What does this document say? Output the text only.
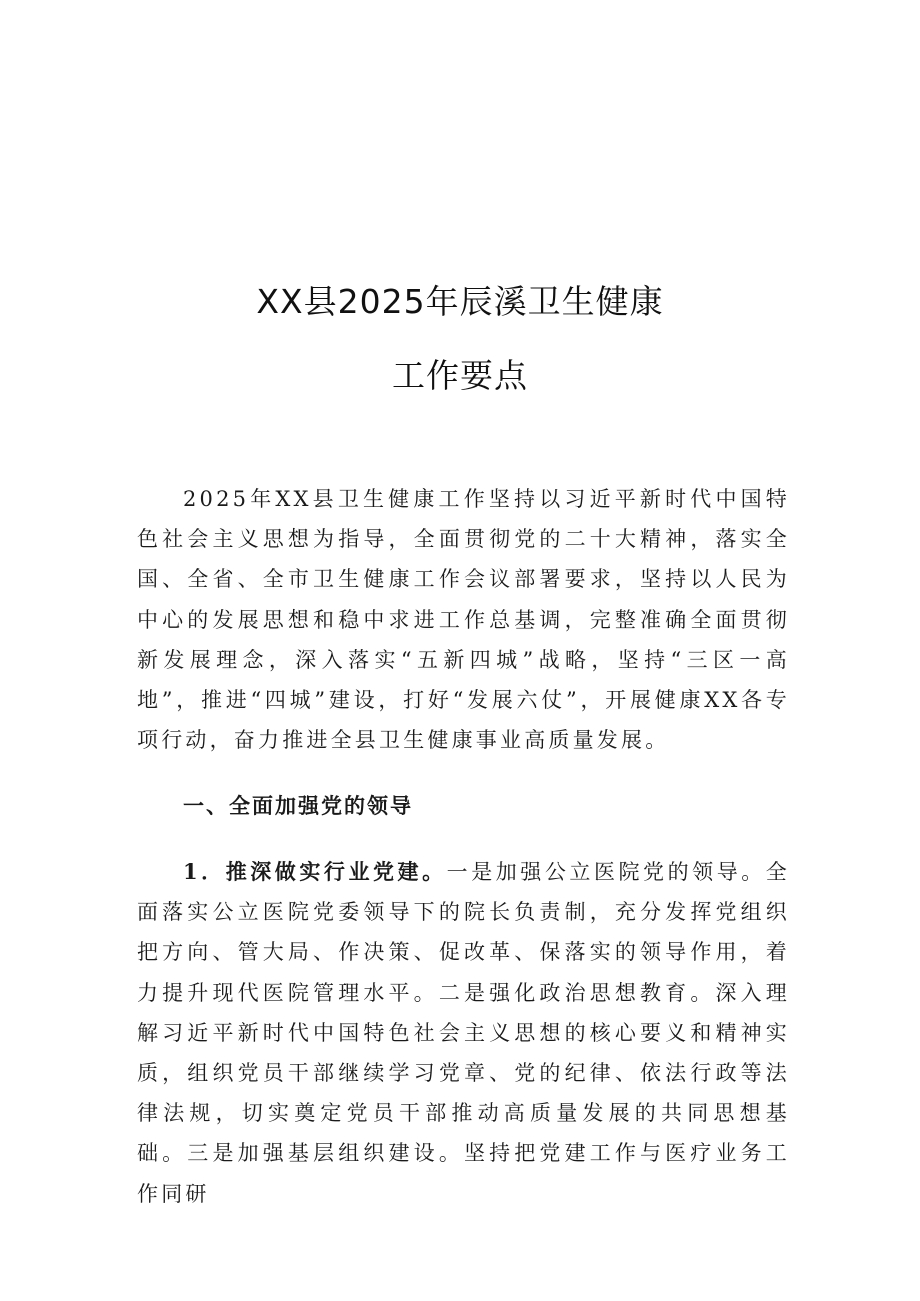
XX县2025年辰溪卫生健康
工作要点
2025年XX县卫生健康工作坚持以习近平新时代中国特色社会主义思想为指导，全面贯彻党的二十大精神，落实全国、全省、全市卫生健康工作会议部署要求，坚持以人民为中心的发展思想和稳中求进工作总基调，完整准确全面贯彻新发展理念，深入落实“五新四城”战略，坚持“三区一高地”，推进“四城”建设，打好“发展六仗”，开展健康XX各专项行动，奋力推进全县卫生健康事业高质量发展。
一、全面加强党的领导
1．推深做实行业党建。一是加强公立医院党的领导。全面落实公立医院党委领导下的院长负责制，充分发挥党组织把方向、管大局、作决策、促改革、保落实的领导作用，着力提升现代医院管理水平。二是强化政治思想教育。深入理解习近平新时代中国特色社会主义思想的核心要义和精神实质，组织党员干部继续学习党章、党的纪律、依法行政等法律法规，切实奠定党员干部推动高质量发展的共同思想基础。三是加强基层组织建设。坚持把党建工作与医疗业务工作同研
